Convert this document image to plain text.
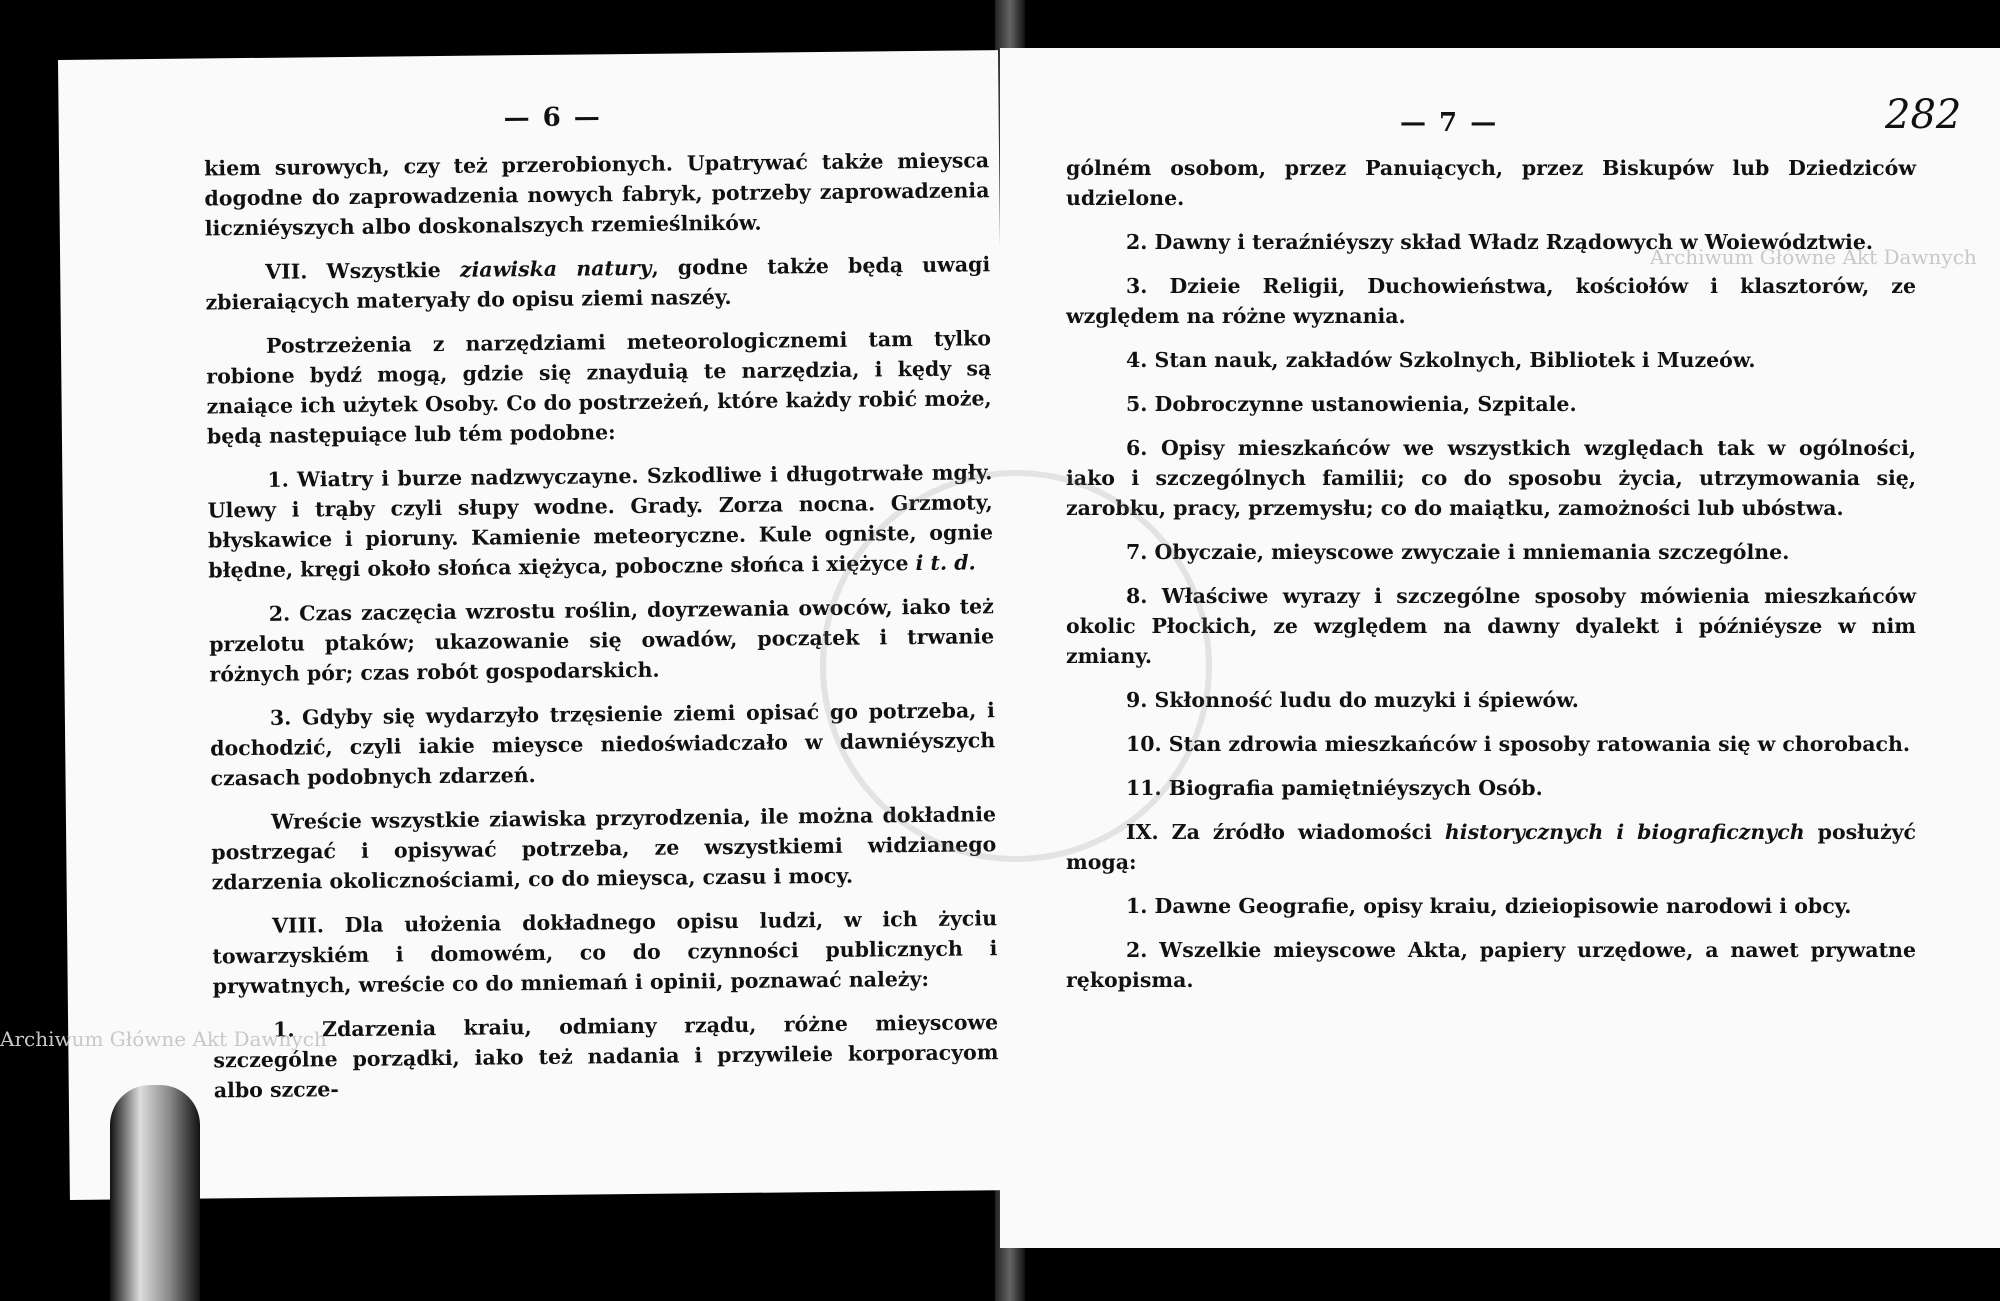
— 6 —

kiem surowych, czy też przerobionych. Upatrywać także mieysca dogodne do zaprowadzenia nowych fabryk, potrzeby zaprowadzenia liczniéyszych albo doskonalszych rzemieślników.

VII. Wszystkie ziawiska natury, godne także będą uwagi zbieraiących materyały do opisu ziemi naszéy.

Postrzeżenia z narzędziami meteorologicznemi tam tylko robione bydź mogą, gdzie się znayduią te narzędzia, i kędy są znaiące ich użytek Osoby. Co do postrzeżeń, które każdy robić może, będą następuiące lub tém podobne:

1. Wiatry i burze nadzwyczayne. Szkodliwe i długotrwałe mgły. Ulewy i trąby czyli słupy wodne. Grady. Zorza nocna. Grzmoty, błyskawice i pioruny. Kamienie meteoryczne. Kule ogniste, ognie błędne, kręgi około słońca xiężyca, poboczne słońca i xiężyce i t. d.

2. Czas zaczęcia wzrostu roślin, doyrzewania owoców, iako też przelotu ptaków; ukazowanie się owadów, początek i trwanie różnych pór; czas robót gospodarskich.

3. Gdyby się wydarzyło trzęsienie ziemi opisać go potrzeba, i dochodzić, czyli iakie mieysce niedoświadczało w dawniéyszych czasach podobnych zdarzeń.

Wreście wszystkie ziawiska przyrodzenia, ile można dokładnie postrzegać i opisywać potrzeba, ze wszystkiemi widzianego zdarzenia okolicznościami, co do mieysca, czasu i mocy.

VIII. Dla ułożenia dokładnego opisu ludzi, w ich życiu towarzyskiém i domowém, co do czynności publicznych i prywatnych, wreście co do mniemań i opinii, poznawać należy:

1. Zdarzenia kraiu, odmiany rządu, różne mieyscowe szczególne porządki, iako też nadania i przywileie korporacyom albo szcze-

— 7 —

gólném osobom, przez Panuiących, przez Biskupów lub Dziedziców udzielone.

2. Dawny i teraźniéyszy skład Władz Rządowych w Woiewództwie.

3. Dzieie Religii, Duchowieństwa, kościołów i klasztorów, ze względem na różne wyznania.

4. Stan nauk, zakładów Szkolnych, Bibliotek i Muzeów.

5. Dobroczynne ustanowienia, Szpitale.

6. Opisy mieszkańców we wszystkich względach tak w ogólności, iako i szczególnych familii; co do sposobu życia, utrzymowania się, zarobku, pracy, przemysłu; co do maiątku, zamożności lub ubóstwa.

7. Obyczaie, mieyscowe zwyczaie i mniemania szczególne.

8. Właściwe wyrazy i szczególne sposoby mówienia mieszkańców okolic Płockich, ze względem na dawny dyalekt i późniéysze w nim zmiany.

9. Skłonność ludu do muzyki i śpiewów.

10. Stan zdrowia mieszkańców i sposoby ratowania się w chorobach.

11. Biografia pamiętniéyszych Osób.

IX. Za źródło wiadomości historycznych i biograficznych posłużyć mogą:

1. Dawne Geografie, opisy kraiu, dzieiopisowie narodowi i obcy.

2. Wszelkie mieyscowe Akta, papiery urzędowe, a nawet prywatne rękopisma.

282
Archiwum Główne Akt Dawnych
Archiwum Główne Akt Dawnych
